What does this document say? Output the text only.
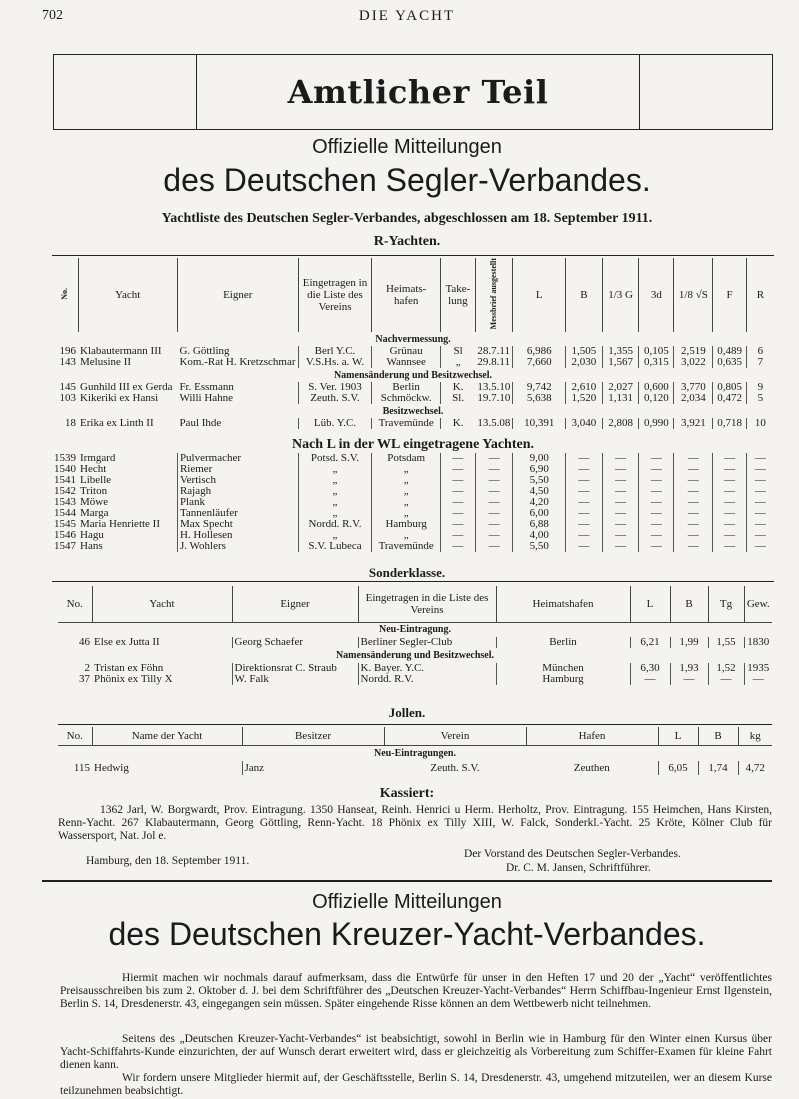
702	DIE YACHT
Amtlicher Teil
Offizielle Mitteilungen
des Deutschen Segler-Verbandes.
Yachtliste des Deutschen Segler-Verbandes, abgeschlossen am 18. September 1911.
R-Yachten.
No.	Yacht	Eigner	Eingetragen in die Liste des Vereins	Heimats-hafen	Take-lung	Messbrief ausgestellt	L	B	1/3 G	3d	1/8 √S	F	R
Nachvermessung.													
196	Klabautermann III	G. Göttling	Berl Y.C.	Grünau	Sl	28.7.11	6,986	1,505	1,355	0,105	2,519	0,489	6
143	Melusine II	Kom.-Rat H. Kretzschmar	V.S.Hs. a. W.	Wannsee	„	29.8.11	7,660	2,030	1,567	0,315	3,022	0,635	7
Namensänderung und Besitzwechsel.													
145	Gunhild III ex Gerda	Fr. Essmann	S. Ver. 1903	Berlin	K.	13.5.10	9,742	2,610	2,027	0,600	3,770	0,805	9
103	Kikeriki ex Hansi	Willi Hahne	Zeuth. S.V.	Schmöckw.	Sl.	19.7.10	5,638	1,520	1,131	0,120	2,034	0,472	5
Besitzwechsel.													
18	Erika ex Linth II	Paul Ihde	Lüb. Y.C.	Travemünde	K.	13.5.08	10,391	3,040	2,808	0,990	3,921	0,718	10

Nach L in der WL eingetragene Yachten.													
1539	Irmgard	Pulvermacher	Potsd. S.V.	Potsdam	—	—	9,00	—	—	—	—	—	—
1540	Hecht	Riemer	„	„	—	—	6,90	—	—	—	—	—	—
1541	Libelle	Vertisch	„	„	—	—	5,50	—	—	—	—	—	—
1542	Triton	Rajagh	„	„	—	—	4,50	—	—	—	—	—	—
1543	Möwe	Plank	„	„	—	—	4,20	—	—	—	—	—	—
1544	Marga	Tannenläufer	„	„	—	—	6,00	—	—	—	—	—	—
1545	Maria Henriette II	Max Specht	Nordd. R.V.	Hamburg	—	—	6,88	—	—	—	—	—	—
1546	Hagu	H. Hollesen	„	„	—	—	4,00	—	—	—	—	—	—
1547	Hans	J. Wohlers	S.V. Lubeca	Travemünde	—	—	5,50	—	—	—	—	—	—
Sonderklasse.
No.	Yacht	Eigner	Eingetragen in die Liste des Vereins	Heimatshafen	L	B	Tg	Gew.
Neu-Eintragung.								
46	Else ex Jutta II	Georg Schaefer	Berliner Segler-Club	Berlin	6,21	1,99	1,55	1830
Namensänderung und Besitzwechsel.								
2	Tristan ex Föhn	Direktionsrat C. Straub	K. Bayer. Y.C.	München	6,30	1,93	1,52	1935
37	Phönix ex Tilly X	W. Falk	Nordd. R.V.	Hamburg	—	—	—	—
Jollen.
No.	Name der Yacht	Besitzer	Verein	Hafen	L	B	kg
Neu-Eintragungen.							
115	Hedwig	Janz	Zeuth. S.V.	Zeuthen	6,05	1,74	4,72
Kassiert:
1362 Jarl, W. Borgwardt, Prov. Eintragung. 1350 Hanseat, Reinh. Henrici u Herm. Herholtz, Prov. Eintragung. 155 Heimchen, Hans Kirsten, Renn-Yacht. 267 Klabautermann, Georg Göttling, Renn-Yacht. 18 Phönix ex Tilly XIII, W. Falck, Sonderkl.-Yacht. 25 Kröte, Kölner Club für Wassersport, Nat. Jol e.
Hamburg, den 18. September 1911.
Der Vorstand des Deutschen Segler-Verbandes.
Dr. C. M. Jansen, Schriftführer.
Offizielle Mitteilungen
des Deutschen Kreuzer-Yacht-Verbandes.
Hiermit machen wir nochmals darauf aufmerksam, dass die Entwürfe für unser in den Heften 17 und 20 der „Yacht“ veröffentlichtes Preisausschreiben bis zum 2. Oktober d. J. bei dem Schriftführer des „Deutschen Kreuzer-Yacht-Verbandes“ Herrn Schiffbau-Ingenieur Ernst Ilgenstein, Berlin S. 14, Dresdenerstr. 43, eingegangen sein müssen. Später eingehende Risse können an dem Wettbewerb nicht teilnehmen.
Seitens des „Deutschen Kreuzer-Yacht-Verbandes“ ist beabsichtigt, sowohl in Berlin wie in Hamburg für den Winter einen Kursus über Yacht-Schiffahrts-Kunde einzurichten, der auf Wunsch derart erweitert wird, dass er gleichzeitig als Vorbereitung zum Schiffer-Examen für kleine Fahrt dienen kann.
Wir fordern unsere Mitglieder hiermit auf, der Geschäftsstelle, Berlin S. 14, Dresdenerstr. 43, umgehend mitzuteilen, wer an diesem Kurse teilzunehmen beabsichtigt.
